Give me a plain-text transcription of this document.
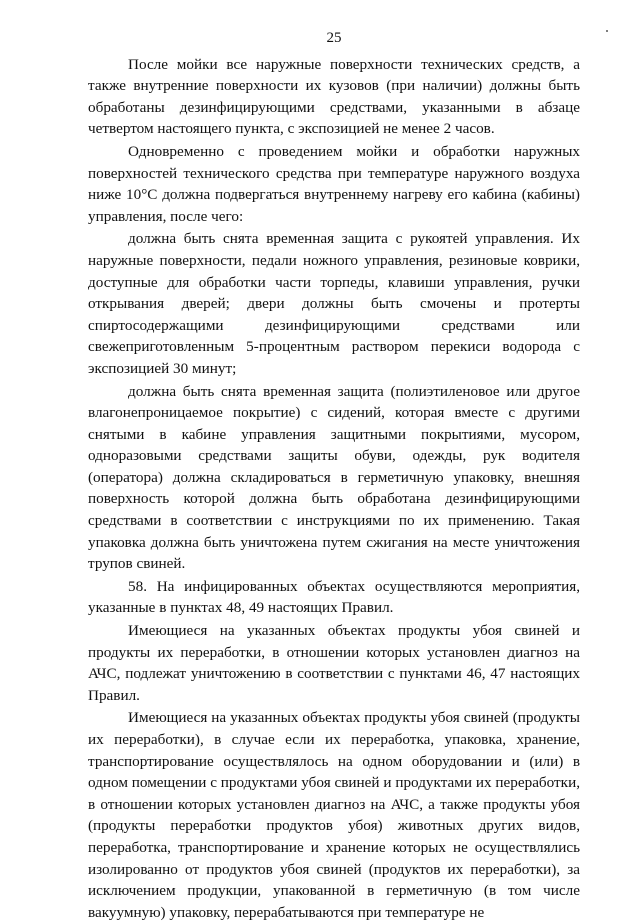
25

После мойки все наружные поверхности технических средств, а также внутренние поверхности их кузовов (при наличии) должны быть обработаны дезинфицирующими средствами, указанными в абзаце четвертом настоящего пункта, с экспозицией не менее 2 часов.

Одновременно с проведением мойки и обработки наружных поверхностей технического средства при температуре наружного воздуха ниже 10°С должна подвергаться внутреннему нагреву его кабина (кабины) управления, после чего:

должна быть снята временная защита с рукоятей управления. Их наружные поверхности, педали ножного управления, резиновые коврики, доступные для обработки части торпеды, клавиши управления, ручки открывания дверей; двери должны быть смочены и протерты спиртосодержащими дезинфицирующими средствами или свежеприготовленным 5-процентным раствором перекиси водорода с экспозицией 30 минут;

должна быть снята временная защита (полиэтиленовое или другое влагонепроницаемое покрытие) с сидений, которая вместе с другими снятыми в кабине управления защитными покрытиями, мусором, одноразовыми средствами защиты обуви, одежды, рук водителя (оператора) должна складироваться в герметичную упаковку, внешняя поверхность которой должна быть обработана дезинфицирующими средствами в соответствии с инструкциями по их применению. Такая упаковка должна быть уничтожена путем сжигания на месте уничтожения трупов свиней.

58. На инфицированных объектах осуществляются мероприятия, указанные в пунктах 48, 49 настоящих Правил.

Имеющиеся на указанных объектах продукты убоя свиней и продукты их переработки, в отношении которых установлен диагноз на АЧС, подлежат уничтожению в соответствии с пунктами 46, 47 настоящих Правил.

Имеющиеся на указанных объектах продукты убоя свиней (продукты их переработки), в случае если их переработка, упаковка, хранение, транспортирование осуществлялось на одном оборудовании и (или) в одном помещении с продуктами убоя свиней и продуктами их переработки, в отношении которых установлен диагноз на АЧС, а также продукты убоя (продукты переработки продуктов убоя) животных других видов, переработка, транспортирование и хранение которых не осуществлялись изолированно от продуктов убоя свиней (продуктов их переработки), за исключением продукции, упакованной в герметичную (в том числе вакуумную) упаковку, перерабатываются при температуре не
